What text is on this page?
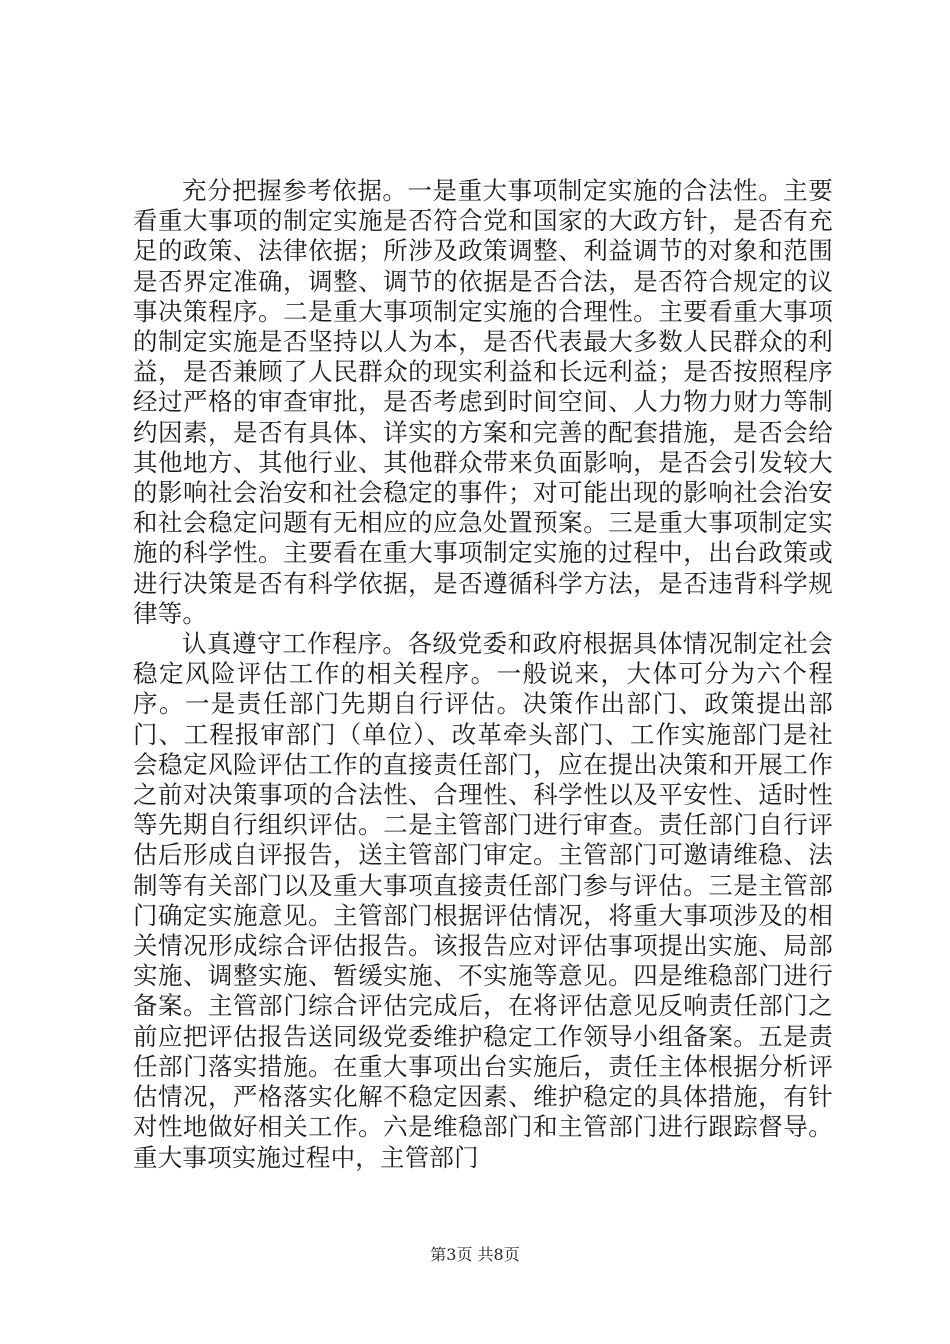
充分把握参考依据。一是重大事项制定实施的合法性。主要看重大事项的制定实施是否符合党和国家的大政方针，是否有充足的政策、法律依据；所涉及政策调整、利益调节的对象和范围是否界定准确，调整、调节的依据是否合法，是否符合规定的议事决策程序。二是重大事项制定实施的合理性。主要看重大事项的制定实施是否坚持以人为本，是否代表最大多数人民群众的利益，是否兼顾了人民群众的现实利益和长远利益；是否按照程序经过严格的审查审批，是否考虑到时间空间、人力物力财力等制约因素，是否有具体、详实的方案和完善的配套措施，是否会给其他地方、其他行业、其他群众带来负面影响，是否会引发较大的影响社会治安和社会稳定的事件；对可能出现的影响社会治安和社会稳定问题有无相应的应急处置预案。三是重大事项制定实施的科学性。主要看在重大事项制定实施的过程中，出台政策或进行决策是否有科学依据，是否遵循科学方法，是否违背科学规律等。

认真遵守工作程序。各级党委和政府根据具体情况制定社会稳定风险评估工作的相关程序。一般说来，大体可分为六个程序。一是责任部门先期自行评估。决策作出部门、政策提出部门、工程报审部门（单位）、改革牵头部门、工作实施部门是社会稳定风险评估工作的直接责任部门，应在提出决策和开展工作之前对决策事项的合法性、合理性、科学性以及平安性、适时性等先期自行组织评估。二是主管部门进行审查。责任部门自行评估后形成自评报告，送主管部门审定。主管部门可邀请维稳、法制等有关部门以及重大事项直接责任部门参与评估。三是主管部门确定实施意见。主管部门根据评估情况，将重大事项涉及的相关情况形成综合评估报告。该报告应对评估事项提出实施、局部实施、调整实施、暂缓实施、不实施等意见。四是维稳部门进行备案。主管部门综合评估完成后，在将评估意见反响责任部门之前应把评估报告送同级党委维护稳定工作领导小组备案。五是责任部门落实措施。在重大事项出台实施后，责任主体根据分析评估情况，严格落实化解不稳定因素、维护稳定的具体措施，有针对性地做好相关工作。六是维稳部门和主管部门进行跟踪督导。重大事项实施过程中，主管部门

第3页 共8页
